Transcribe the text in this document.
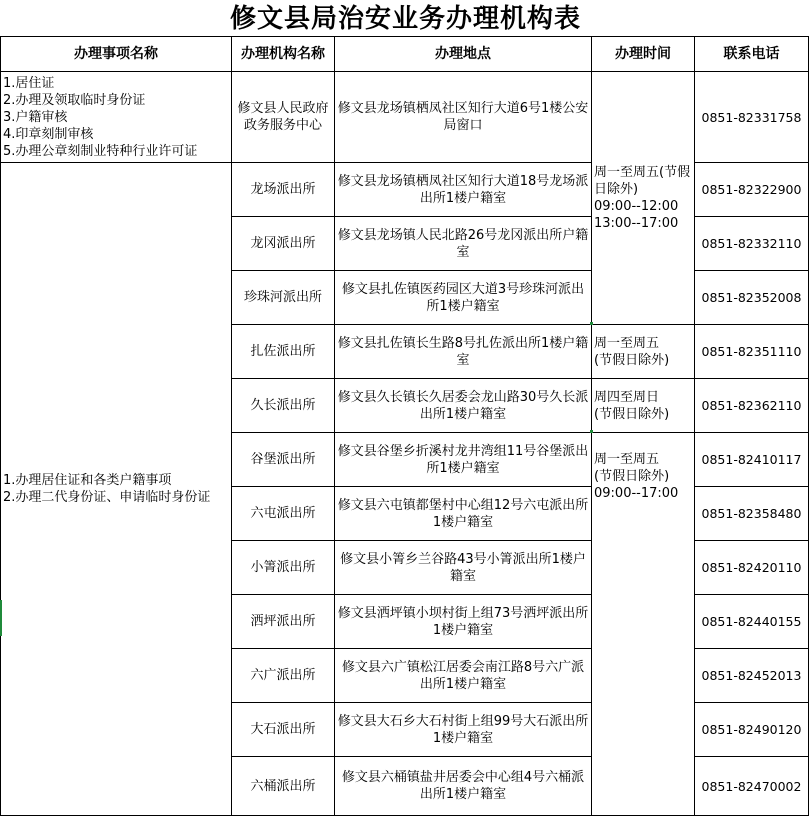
修文县局治安业务办理机构表
办理事项名称	办理机构名称	办理地点	办理时间	联系电话

1.居住证
2.办理及领取临时身份证
3.户籍审核
4.印章刻制审核
5.办理公章刻制业特种行业许可证	修文县人民政府政务服务中心	修文县龙场镇栖凤社区知行大道6号1楼公安局窗口	周一至周五(节假日除外)
09:00--12:00
13:00--17:00	0851-82331758

1.办理居住证和各类户籍事项
2.办理二代身份证、申请临时身份证	龙场派出所	修文县龙场镇栖凤社区知行大道18号龙场派出所1楼户籍室		0851-82322900
	龙冈派出所	修文县龙场镇人民北路26号龙冈派出所户籍室		0851-82332110
	珍珠河派出所	修文县扎佐镇医药园区大道3号珍珠河派出所1楼户籍室		0851-82352008
	扎佐派出所	修文县扎佐镇长生路8号扎佐派出所1楼户籍室	周一至周五
(节假日除外)	0851-82351110
	久长派出所	修文县久长镇长久居委会龙山路30号久长派出所1楼户籍室	周四至周日
(节假日除外)	0851-82362110
	谷堡派出所	修文县谷堡乡折溪村龙井湾组11号谷堡派出所1楼户籍室	周一至周五
(节假日除外)
09:00--17:00	0851-82410117
	六屯派出所	修文县六屯镇都堡村中心组12号六屯派出所1楼户籍室		0851-82358480
	小箐派出所	修文县小箐乡兰谷路43号小箐派出所1楼户籍室		0851-82420110
	洒坪派出所	修文县洒坪镇小坝村街上组73号洒坪派出所1楼户籍室		0851-82440155
	六广派出所	修文县六广镇松江居委会南江路8号六广派出所1楼户籍室		0851-82452013
	大石派出所	修文县大石乡大石村街上组99号大石派出所1楼户籍室		0851-82490120
	六桶派出所	修文县六桶镇盐井居委会中心组4号六桶派出所1楼户籍室		0851-82470002
